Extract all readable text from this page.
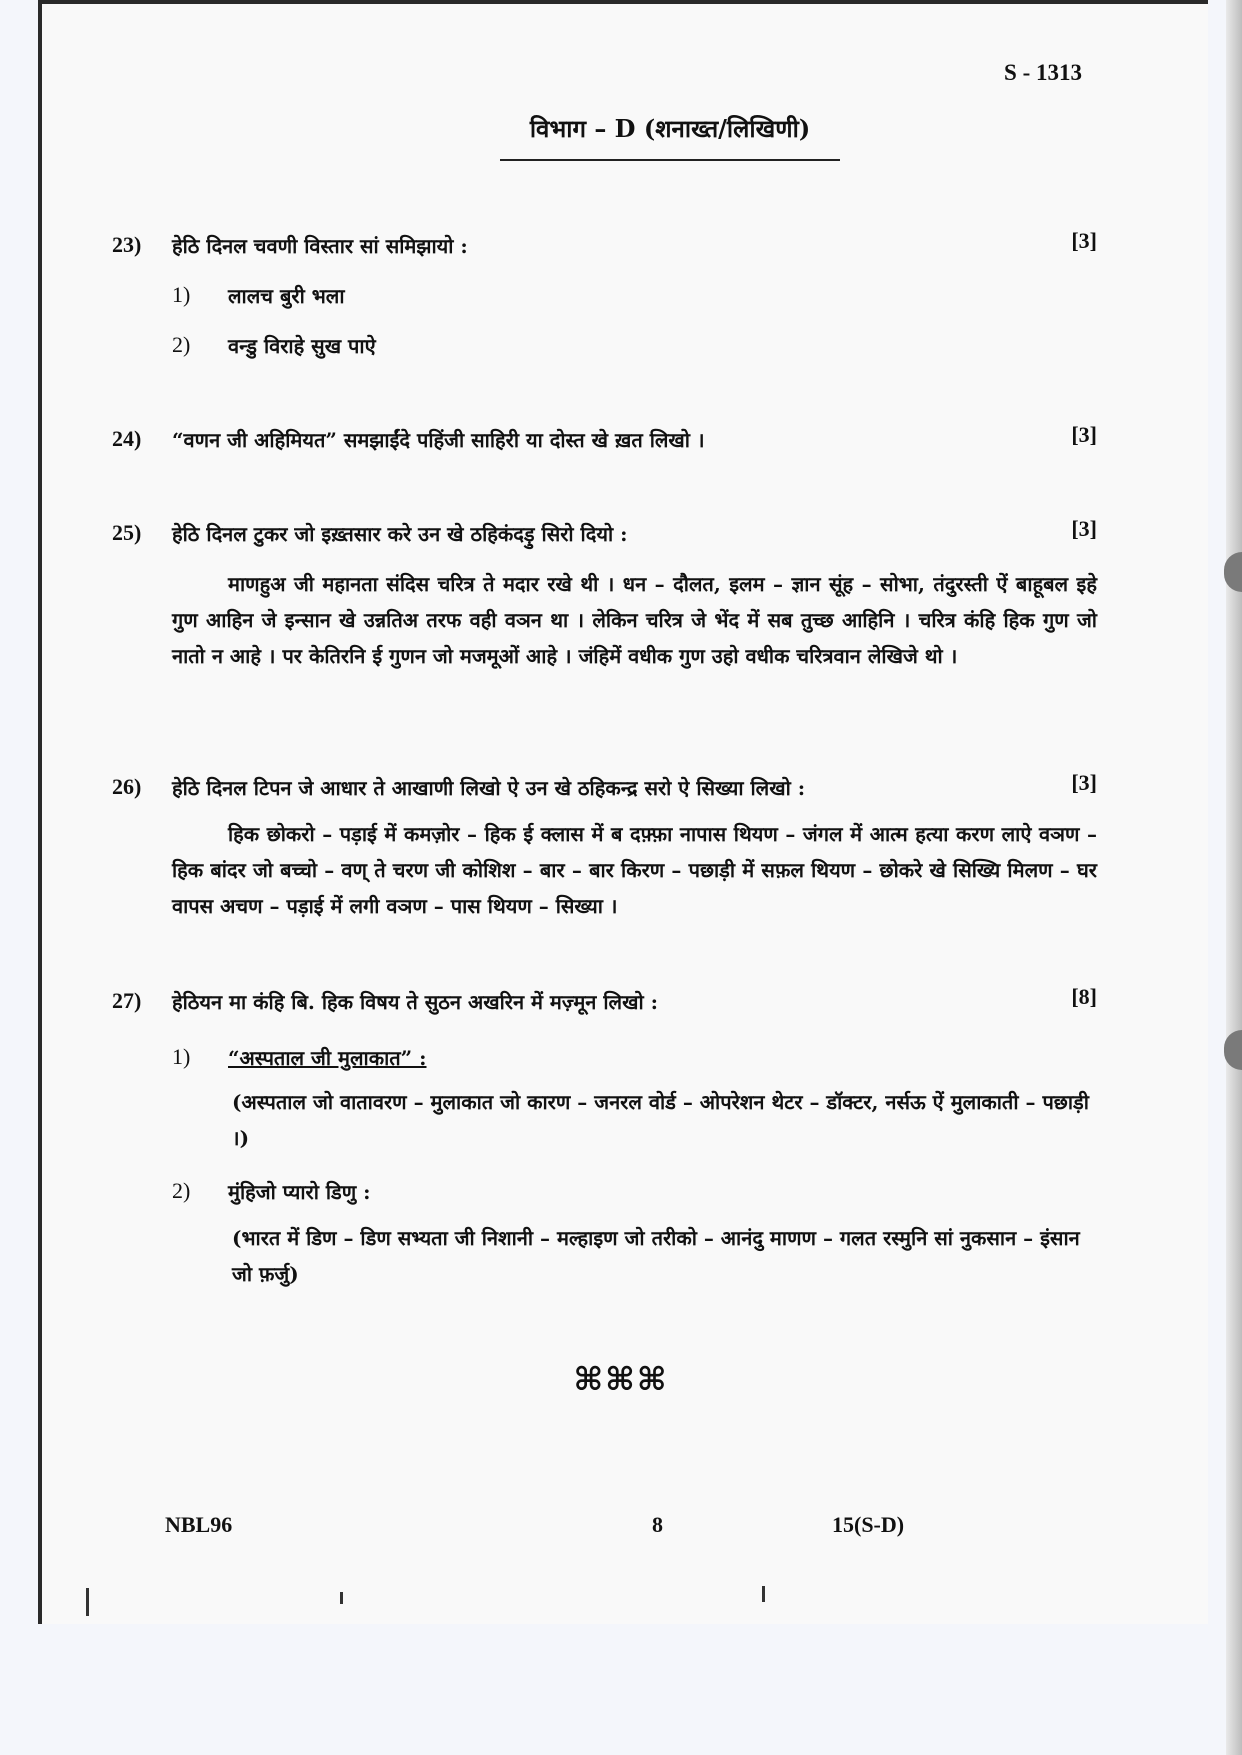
S - 1313
विभाग – D (शनाख्त/लिखिणी)
23)	हेठि दिनल चवणी विस्तार सां समिझायो :	[3]
1)	लालच बुरी भला
2)	वन्डु विराहे सुख पाऐ
24)	“वणन जी अहिमियत” समझाईंदे पहिंजी साहिरी या दोस्त खे ख़त लिखो ।	[3]
25)	हेठि दिनल टुकर जो इख़्तसार करे उन खे ठहिकंदड़ु सिरो दियो :	[3]
माणहुअ जी महानता संदिस चरित्र ते मदार रखे थी । धन – दौलत, इलम – ज्ञान सूंह – सोभा, तंदुरस्ती ऐं बाहूबल इहे गुण आहिन जे इन्सान खे उन्नतिअ तरफ वही वञन था । लेकिन चरित्र जे भेंद में सब तुच्छ आहिनि । चरित्र कंहि हिक गुण जो नातो न आहे । पर केतिरनि ई गुणन जो मजमूओं आहे । जंहिमें वधीक गुण उहो वधीक चरित्रवान लेखिजे थो ।
26)	हेठि दिनल टिपन जे आधार ते आखाणी लिखो ऐ उन खे ठहिकन्द्र सरो ऐ सिख्या लिखो :	[3]
हिक छोकरो – पड़ाई में कमज़ोर – हिक ई क्लास में ब दफ़्फ़ा नापास थियण – जंगल में आत्म हत्या करण लाऐ वञण – हिक बांदर जो बच्चो – वण् ते चरण जी कोशिश – बार – बार किरण – पछाड़ी में सफ़ल थियण – छोकरे खे सिख्यि मिलण – घर वापस अचण – पड़ाई में लगी वञण – पास थियण – सिख्या ।
27)	हेठियन मा कंहि बि. हिक विषय ते सुठन अखरिन में मज़्मून लिखो :	[8]
1)	“अस्पताल जी मुलाकात” :
(अस्पताल जो वातावरण – मुलाकात जो कारण – जनरल वोर्ड – ओपरेशन थेटर – डॉक्टर, नर्सऊ ऐं मुलाकाती – पछाड़ी ।)
2)	मुंहिजो प्यारो डिणु :
(भारत में डिण – डिण सभ्यता जी निशानी – मल्हाइण जो तरीको – आनंदु माणण – गलत रस्मुनि सां नुकसान – इंसान जो फ़र्जु)
⌘⌘⌘
NBL96	8	15(S-D)
